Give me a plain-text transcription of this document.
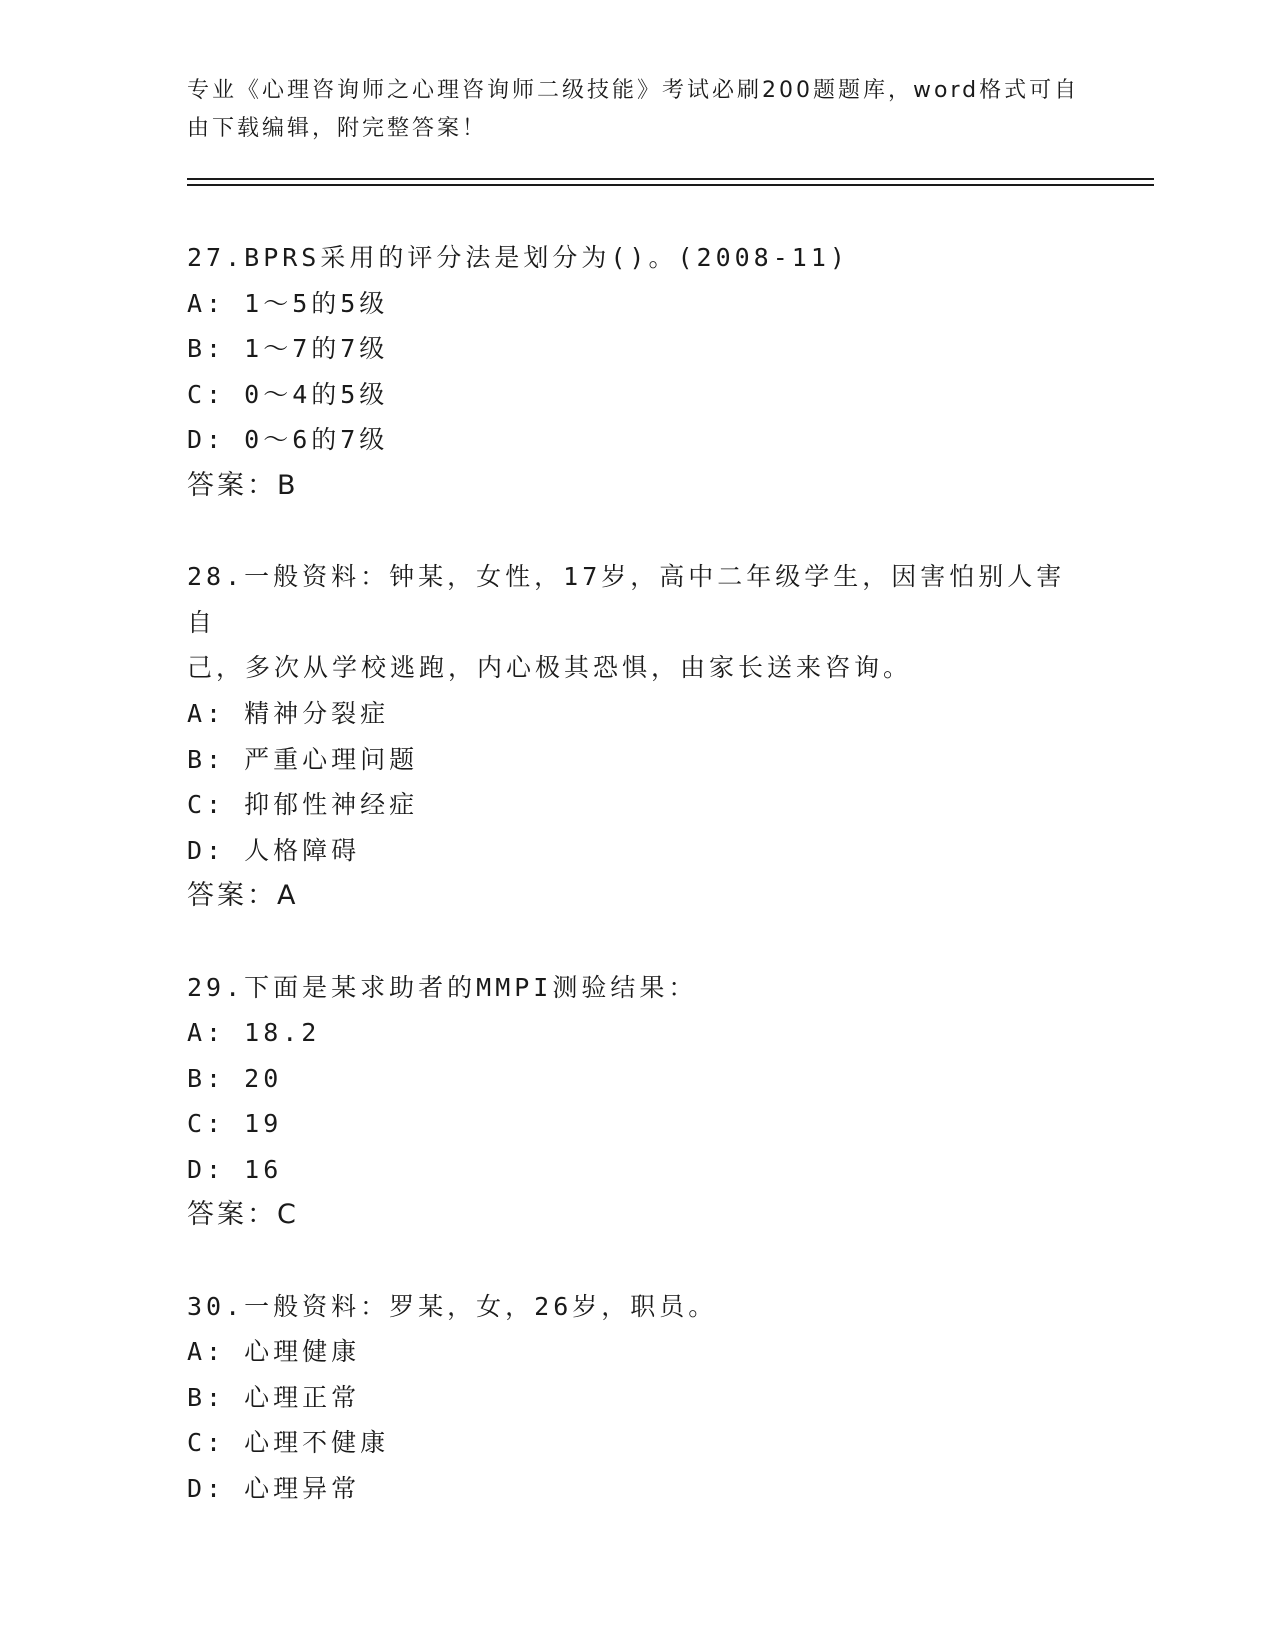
专业《心理咨询师之心理咨询师二级技能》考试必刷200题题库，word格式可自由下载编辑，附完整答案！
27.BPRS采用的评分法是划分为()。(2008-11)
A: 1～5的5级
B: 1～7的7级
C: 0～4的5级
D: 0～6的7级
答案：B
28.一般资料：钟某，女性，17岁，高中二年级学生，因害怕别人害自
己，多次从学校逃跑，内心极其恐惧，由家长送来咨询。
A: 精神分裂症
B: 严重心理问题
C: 抑郁性神经症
D: 人格障碍
答案：A
29.下面是某求助者的MMPI测验结果：
A: 18.2
B: 20
C: 19
D: 16
答案：C
30.一般资料：罗某，女，26岁，职员。
A: 心理健康
B: 心理正常
C: 心理不健康
D: 心理异常
